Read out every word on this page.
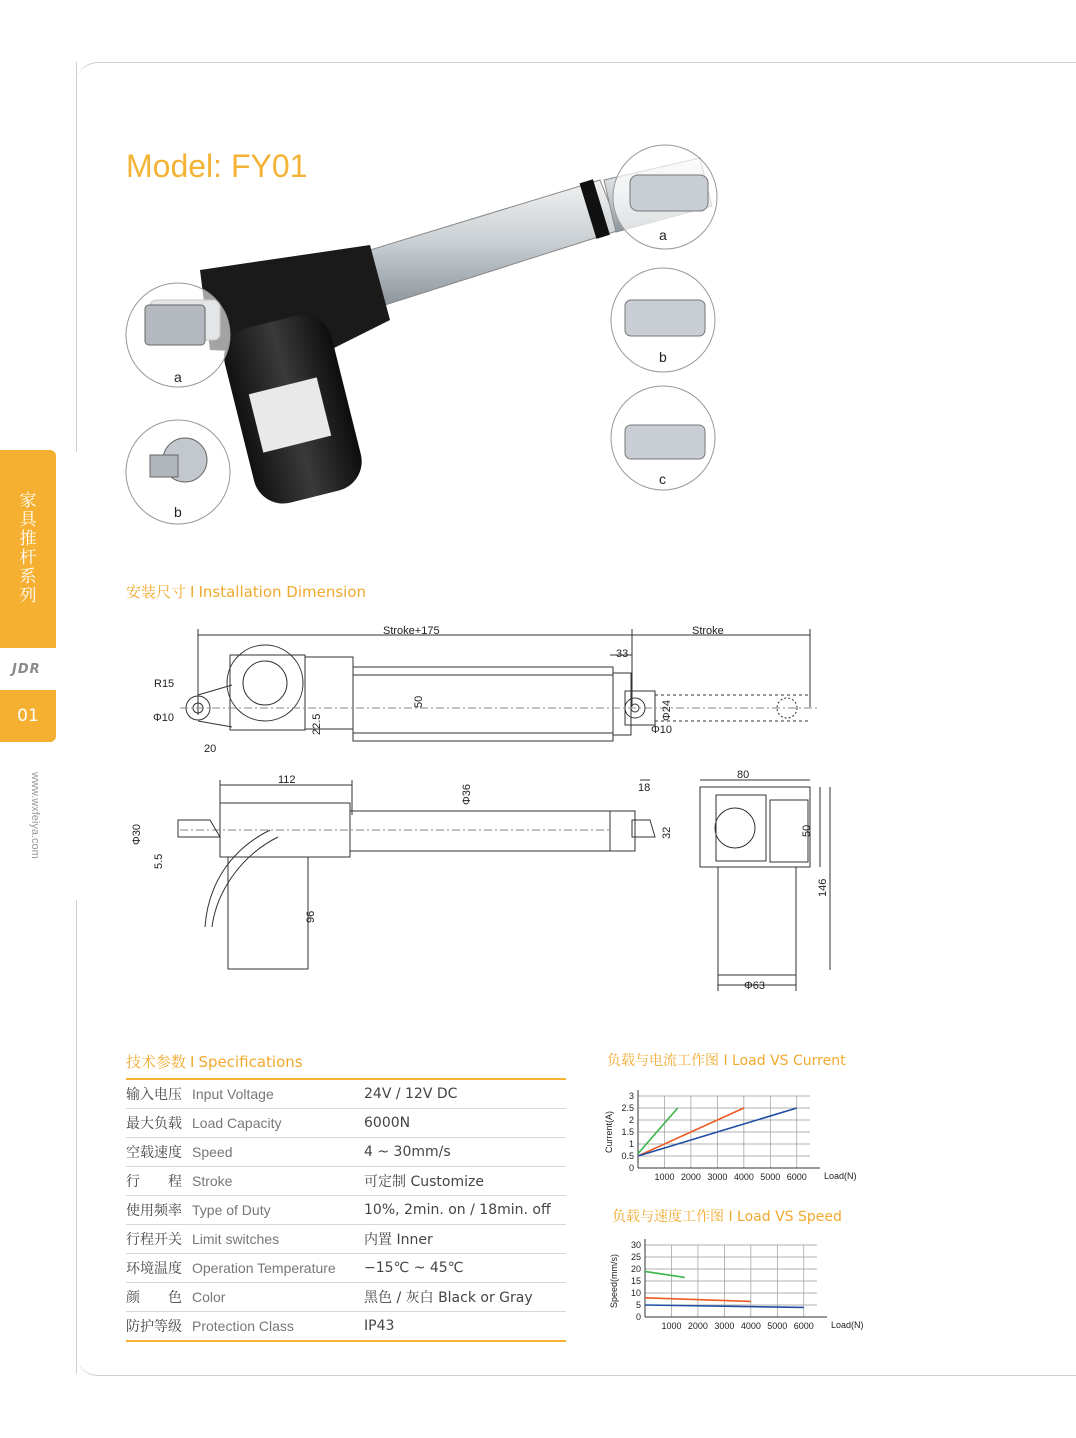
家具推杆系列
JDR
01
www.wxfeiya.com
Model: FY01
a
b
c
a
b
安装尺寸 I Installation Dimension
Stroke+175	Stroke
R15
Φ10
20
22.5
50
33
Φ24
Φ10
112
Φ36	18
Φ30
5.5
32
96
80
50
146
Φ63
技术参数 I Specifications
输入电压	Input Voltage	24V / 12V DC
最大负载	Load Capacity	6000N
空载速度	Speed	4 ~ 30mm/s
行　　程	Stroke	可定制 Customize
使用频率	Type of Duty	10%, 2min. on / 18min. off
行程开关	Limit switches	内置 Inner
环境温度	Operation Temperature	−15℃ ~ 45℃
颜　　色	Color	黑色 / 灰白 Black or Gray
防护等级	Protection Class	IP43
负载与电流工作图 I Load VS Current
1000 2000 3000 4000 5000 6000
0
0.5
1
1.5
2
2.5
3
Load(N)
Current(A)
负载与速度工作图 I Load VS Speed
1000 2000 3000 4000 5000 6000
0
5
10
15
20
25
30
Load(N)
Speed(mm/s)
